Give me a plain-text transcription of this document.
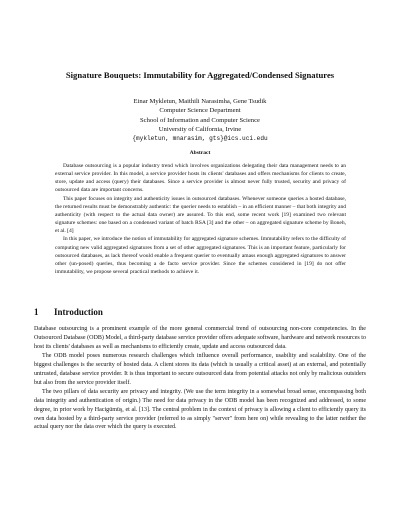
Signature Bouquets: Immutability for Aggregated/Condensed Signatures
Einar Mykletun, Maithili Narasimha, Gene Tsudik
Computer Science Department
School of Information and Computer Science
University of California, Irvine
{mykletun, mnarasim, gts}@ics.uci.edu
Abstract

Database outsourcing is a popular industry trend which involves organizations delegating their data management needs to an external service provider. In this model, a service provider hosts its clients' databases and offers mechanisms for clients to create, store, update and access (query) their databases. Since a service provider is almost never fully trusted, security and privacy of outsourced data are important concerns.

This paper focuses on integrity and authenticity issues in outsourced databases. Whenever someone queries a hosted database, the returned results must be demonstrably authentic: the querier needs to establish – in an efficient manner – that both integrity and authenticity (with respect to the actual data owner) are assured. To this end, some recent work [19] examined two relevant signature schemes: one based on a condensed variant of batch RSA [3] and the other – on aggregated signature scheme by Boneh, et al. [4]

In this paper, we introduce the notion of immutability for aggregated signature schemes. Immutability refers to the difficulty of computing new valid aggregated signatures from a set of other aggregated signatures. This is an important feature, particularly for outsourced databases, as lack thereof would enable a frequent querier to eventually amass enough aggregated signatures to answer other (un-posed) queries, thus becoming a de facto service provider. Since the schemes considered in [19] do not offer immutability, we propose several practical methods to achieve it.

1 Introduction

Database outsourcing is a prominent example of the more general commercial trend of outsourcing non-core competencies. In the Outsourced Database (ODB) Model, a third-party database service provider offers adequate software, hardware and network resources to host its clients' databases as well as mechanisms to efficiently create, update and access outsourced data.

The ODB model poses numerous research challenges which influence overall performance, usability and scalability. One of the biggest challenges is the security of hosted data. A client stores its data (which is usually a critical asset) at an external, and potentially untrusted, database service provider. It is thus important to secure outsourced data from potential attacks not only by malicious outsiders but also from the service provider itself.

The two pillars of data security are privacy and integrity. (We use the term integrity in a somewhat broad sense, encompassing both data integrity and authentication of origin.) The need for data privacy in the ODB model has been recognized and addressed, to some degree, in prior work by Hacigümüş, et al. [13]. The central problem in the context of privacy is allowing a client to efficiently query its own data hosted by a third-party service provider (referred to as simply "server" from here on) while revealing to the latter neither the actual query nor the data over which the query is executed.
